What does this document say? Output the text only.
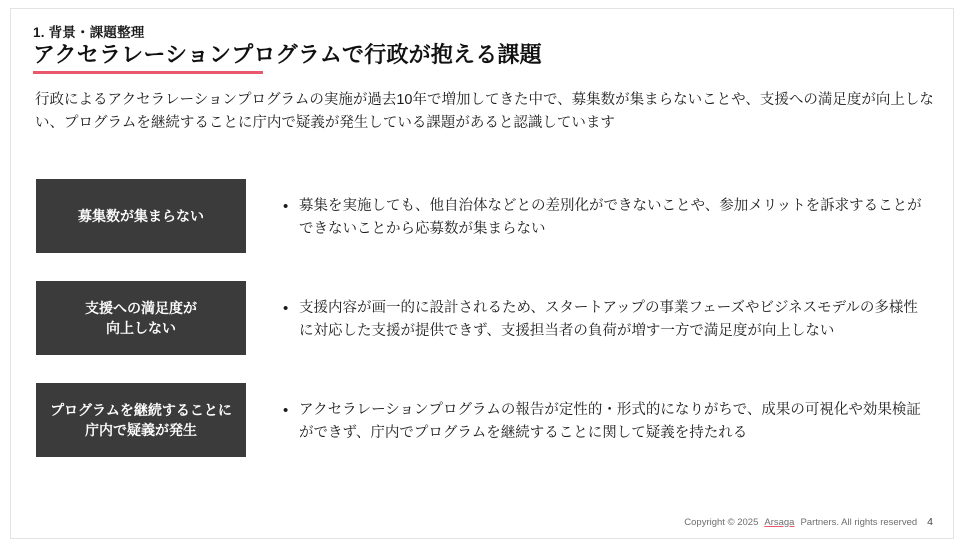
1. 背景・課題整理
アクセラレーションプログラムで行政が抱える課題
行政によるアクセラレーションプログラムの実施が過去10年で増加してきた中で、募集数が集まらないことや、支援への満足度が向上しない、プログラムを継続することに庁内で疑義が発生している課題があると認識しています
募集数が集まらない
• 募集を実施しても、他自治体などとの差別化ができないことや、参加メリットを訴求することができないことから応募数が集まらない
支援への満足度が
向上しない
• 支援内容が画一的に設計されるため、スタートアップの事業フェーズやビジネスモデルの多様性に対応した支援が提供できず、支援担当者の負荷が増す一方で満足度が向上しない
プログラムを継続することに
庁内で疑義が発生
• アクセラレーションプログラムの報告が定性的・形式的になりがちで、成果の可視化や効果検証ができず、庁内でプログラムを継続することに関して疑義を持たれる
Copyright © 2025 Arsaga Partners. All rights reserved 4
